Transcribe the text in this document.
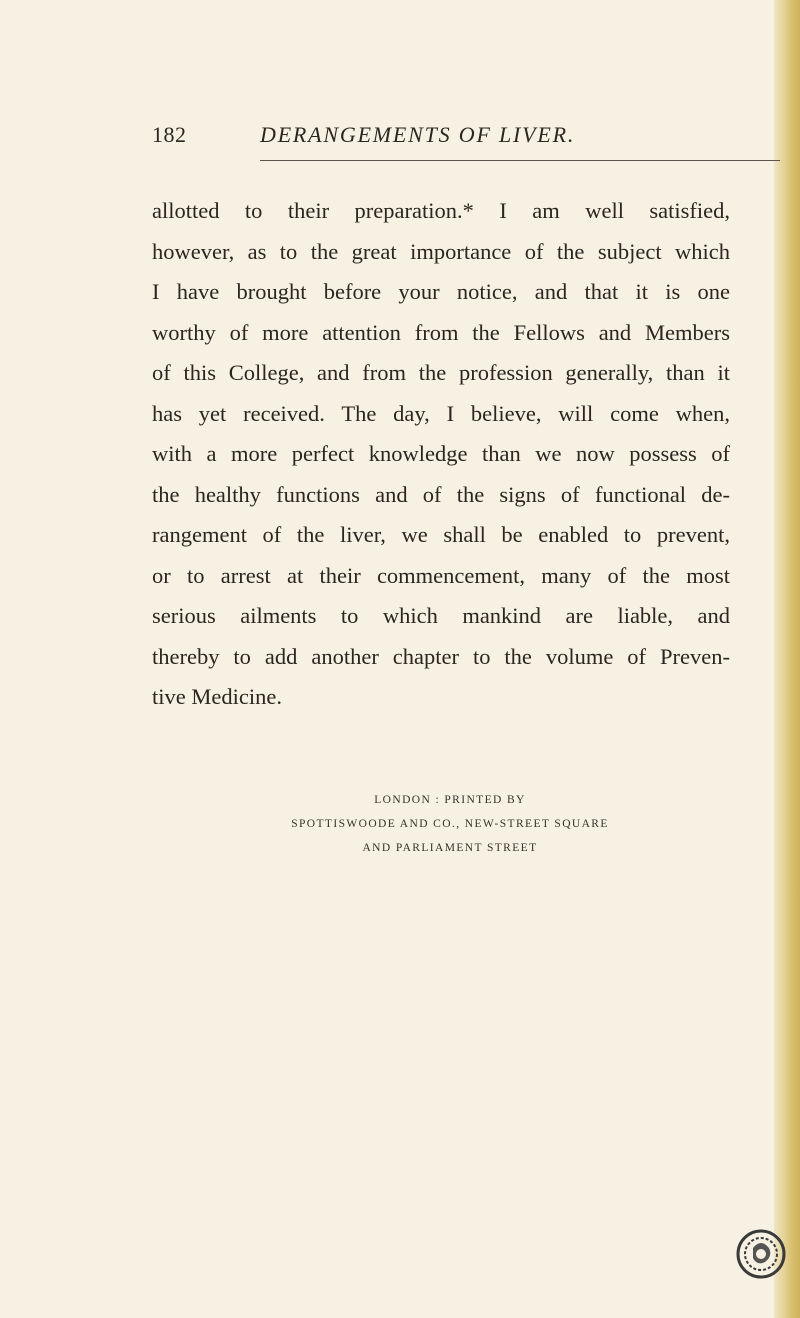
182	DERANGEMENTS OF LIVER.
allotted to their preparation.* I am well satisfied,
however, as to the great importance of the subject which
I have brought before your notice, and that it is one
worthy of more attention from the Fellows and Members
of this College, and from the profession generally, than it
has yet received. The day, I believe, will come when,
with a more perfect knowledge than we now possess of
the healthy functions and of the signs of functional de-
rangement of the liver, we shall be enabled to prevent,
or to arrest at their commencement, many of the most
serious ailments to which mankind are liable, and
thereby to add another chapter to the volume of Preven-
tive Medicine.
LONDON : PRINTED BY
SPOTTISWOODE AND CO., NEW-STREET SQUARE
AND PARLIAMENT STREET
